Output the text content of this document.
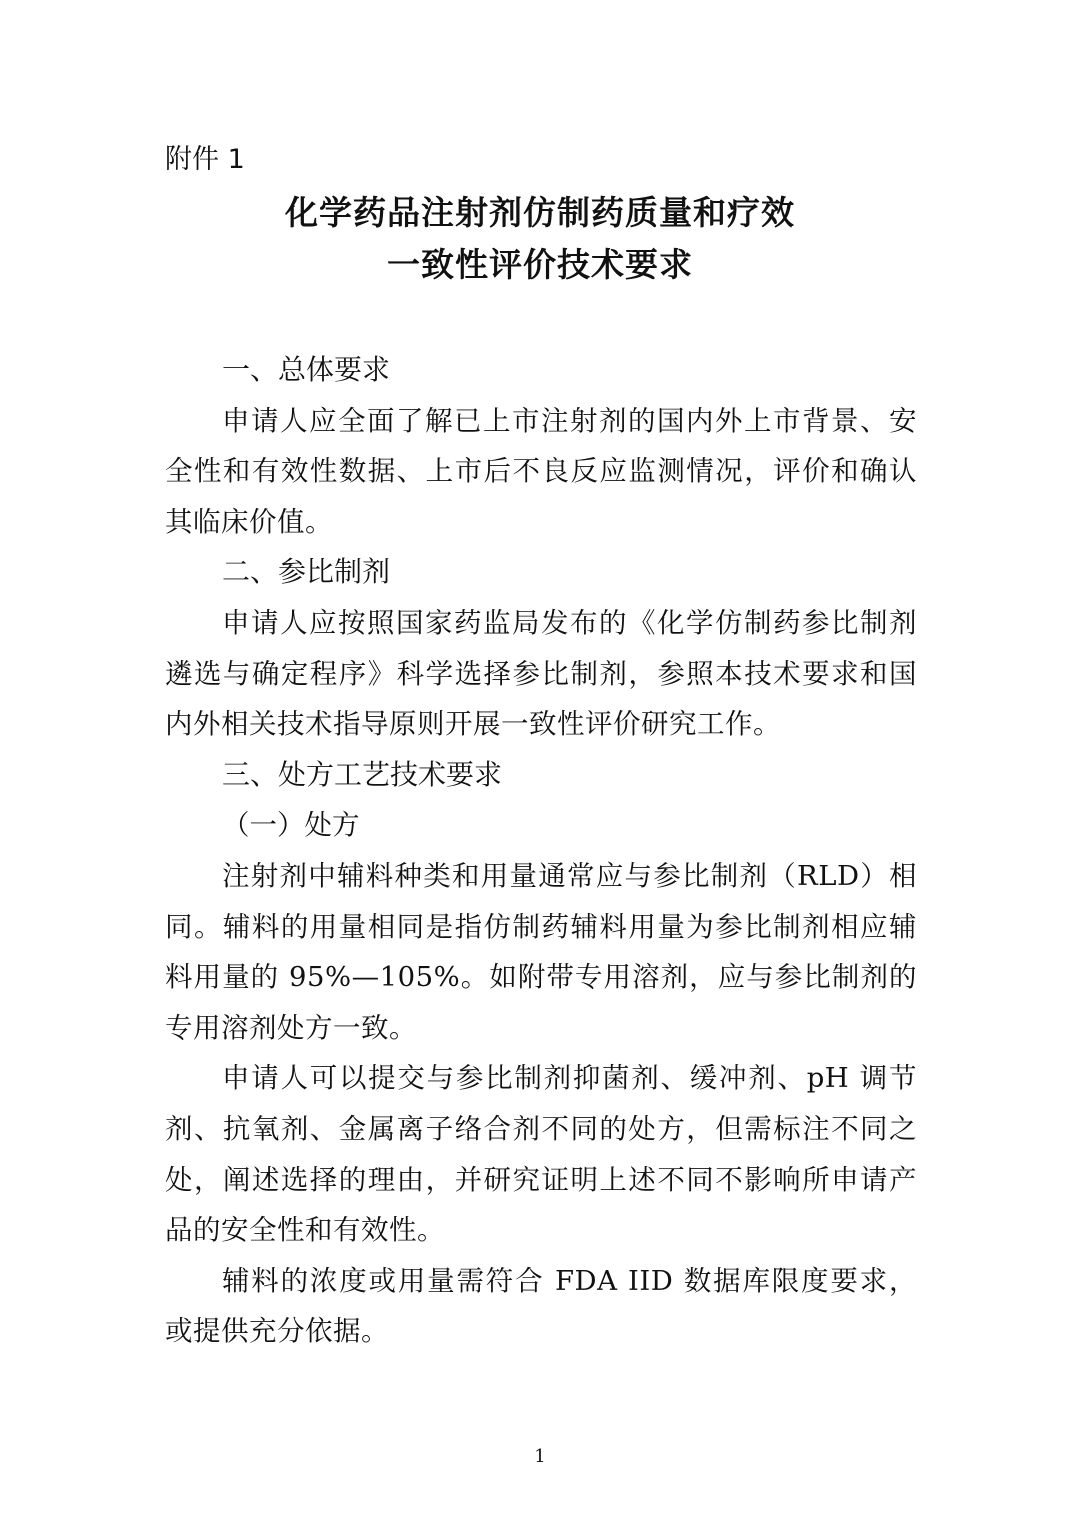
附件 1
化学药品注射剂仿制药质量和疗效
一致性评价技术要求

一、总体要求

申请人应全面了解已上市注射剂的国内外上市背景、安全性和有效性数据、上市后不良反应监测情况，评价和确认其临床价值。

二、参比制剂

申请人应按照国家药监局发布的《化学仿制药参比制剂遴选与确定程序》科学选择参比制剂，参照本技术要求和国内外相关技术指导原则开展一致性评价研究工作。

三、处方工艺技术要求

（一）处方

注射剂中辅料种类和用量通常应与参比制剂（RLD）相同。辅料的用量相同是指仿制药辅料用量为参比制剂相应辅料用量的 95%—105%。如附带专用溶剂，应与参比制剂的专用溶剂处方一致。

申请人可以提交与参比制剂抑菌剂、缓冲剂、pH 调节剂、抗氧剂、金属离子络合剂不同的处方，但需标注不同之处，阐述选择的理由，并研究证明上述不同不影响所申请产品的安全性和有效性。

辅料的浓度或用量需符合 FDA IID 数据库限度要求，或提供充分依据。

1
